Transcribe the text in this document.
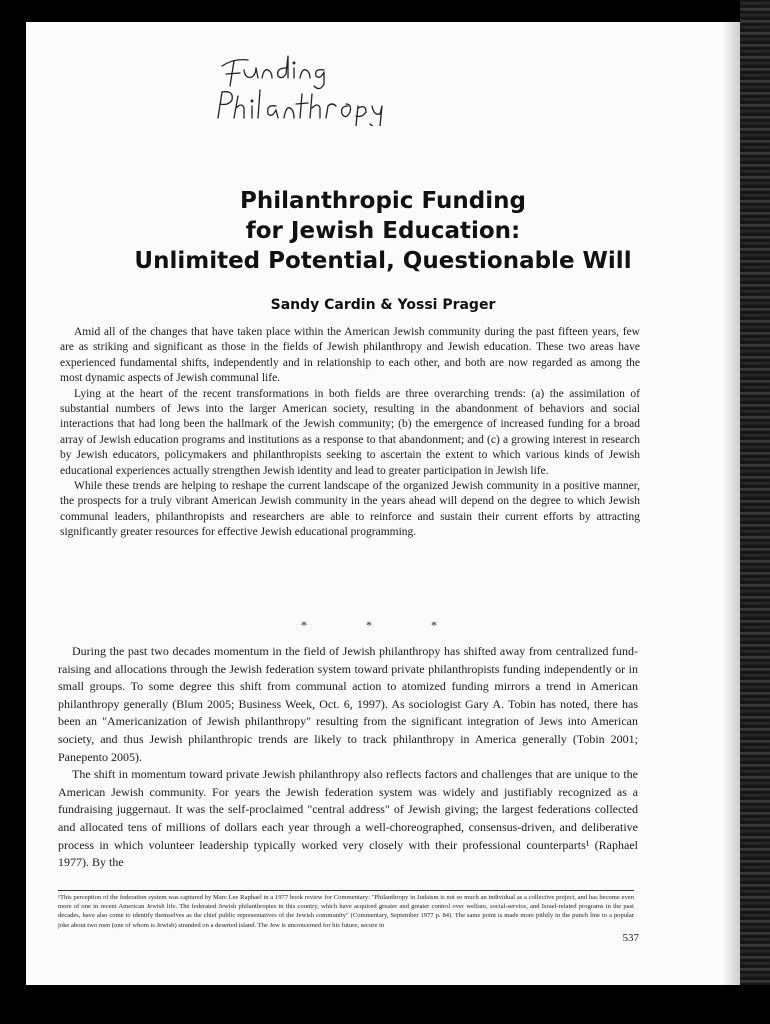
Philanthropic Funding
for Jewish Education:
Unlimited Potential, Questionable Will
Sandy Cardin & Yossi Prager

Amid all of the changes that have taken place within the American Jewish community during the past fifteen years, few are as striking and significant as those in the fields of Jewish philanthropy and Jewish education. These two areas have experienced fundamental shifts, independently and in relationship to each other, and both are now regarded as among the most dynamic aspects of Jewish communal life.

Lying at the heart of the recent transformations in both fields are three overarching trends: (a) the assimilation of substantial numbers of Jews into the larger American society, resulting in the abandonment of behaviors and social interactions that had long been the hallmark of the Jewish community; (b) the emergence of increased funding for a broad array of Jewish education programs and institutions as a response to that abandonment; and (c) a growing interest in research by Jewish educators, policymakers and philanthropists seeking to ascertain the extent to which various kinds of Jewish educational experiences actually strengthen Jewish identity and lead to greater participation in Jewish life.

While these trends are helping to reshape the current landscape of the organized Jewish community in a positive manner, the prospects for a truly vibrant American Jewish community in the years ahead will depend on the degree to which Jewish communal leaders, philanthropists and researchers are able to reinforce and sustain their current efforts by attracting significantly greater resources for effective Jewish educational programming.

* * *

During the past two decades momentum in the field of Jewish philanthropy has shifted away from centralized fund-raising and allocations through the Jewish federation system toward private philanthropists funding independently or in small groups. To some degree this shift from communal action to atomized funding mirrors a trend in American philanthropy generally (Blum 2005; Business Week, Oct. 6, 1997). As sociologist Gary A. Tobin has noted, there has been an "Americanization of Jewish philanthropy" resulting from the significant integration of Jews into American society, and thus Jewish philanthropic trends are likely to track philanthropy in America generally (Tobin 2001; Panepento 2005).

The shift in momentum toward private Jewish philanthropy also reflects factors and challenges that are unique to the American Jewish community. For years the Jewish federation system was widely and justifiably recognized as a fundraising juggernaut. It was the self-proclaimed "central address" of Jewish giving; the largest federations collected and allocated tens of millions of dollars each year through a well-choreographed, consensus-driven, and deliberative process in which volunteer leadership typically worked very closely with their professional counterparts¹ (Raphael 1977). By the

¹This perception of the federation system was captured by Marc Lee Raphael in a 1977 book review for Commentary: "Philanthropy in Judaism is not so much an individual as a collective project, and has become even more of one in recent American Jewish life. The federated Jewish philanthropies in this country, which have acquired greater and greater control over welfare, social-service, and Israel-related programs in the past decades, have also come to identify themselves as the chief public representatives of the Jewish community" (Commentary, September 1977 p. 84). The same point is made more pithily in the punch line to a popular joke about two men (one of whom is Jewish) stranded on a deserted island. The Jew is unconcerned for his future, secure in
537
